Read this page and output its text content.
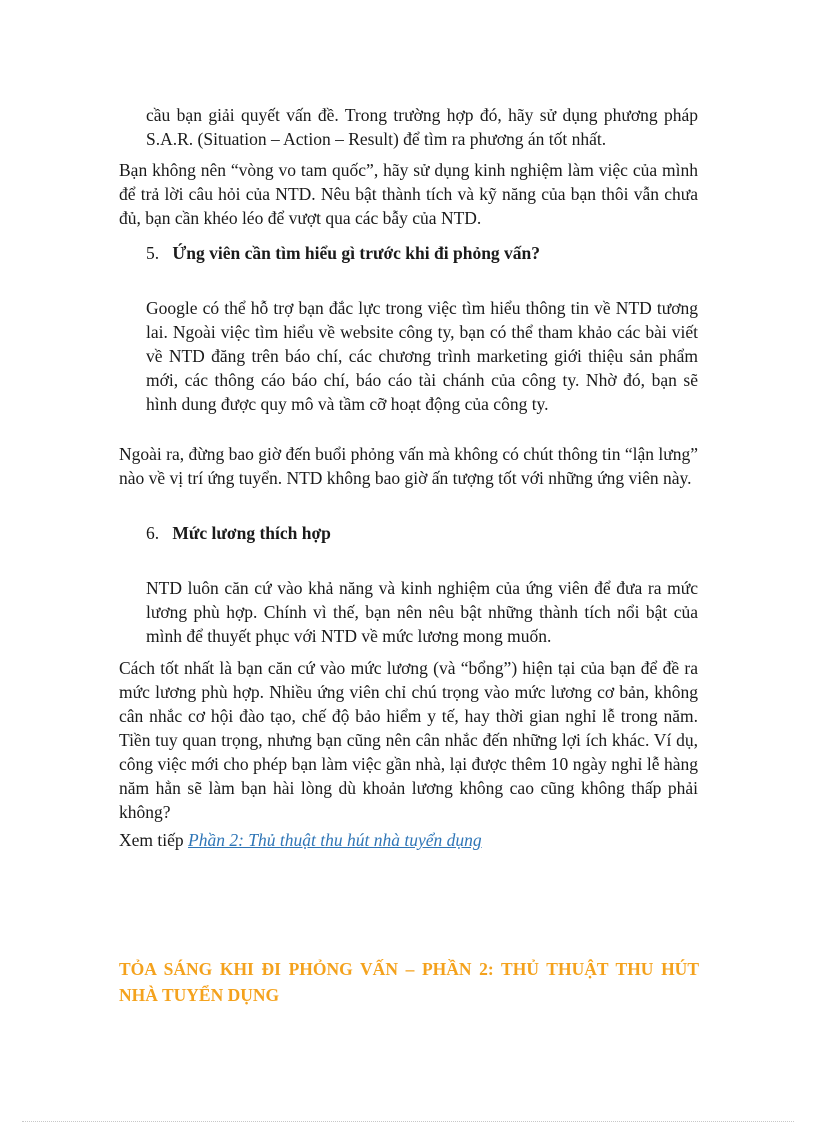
cầu bạn giải quyết vấn đề. Trong trường hợp đó, hãy sử dụng phương pháp S.A.R. (Situation – Action – Result) để tìm ra phương án tốt nhất.

Bạn không nên “vòng vo tam quốc”, hãy sử dụng kinh nghiệm làm việc của mình để trả lời câu hỏi của NTD. Nêu bật thành tích và kỹ năng của bạn thôi vẫn chưa đủ, bạn cần khéo léo để vượt qua các bẫy của NTD.

5. Ứng viên cần tìm hiểu gì trước khi đi phỏng vấn?

Google có thể hỗ trợ bạn đắc lực trong việc tìm hiểu thông tin về NTD tương lai. Ngoài việc tìm hiểu về website công ty, bạn có thể tham khảo các bài viết về NTD đăng trên báo chí, các chương trình marketing giới thiệu sản phẩm mới, các thông cáo báo chí, báo cáo tài chánh của công ty. Nhờ đó, bạn sẽ hình dung được quy mô và tầm cỡ hoạt động của công ty.

Ngoài ra, đừng bao giờ đến buổi phỏng vấn mà không có chút thông tin “lận lưng” nào về vị trí ứng tuyển. NTD không bao giờ ấn tượng tốt với những ứng viên này.

6. Mức lương thích hợp

NTD luôn căn cứ vào khả năng và kinh nghiệm của ứng viên để đưa ra mức lương phù hợp. Chính vì thế, bạn nên nêu bật những thành tích nổi bật của mình để thuyết phục với NTD về mức lương mong muốn.

Cách tốt nhất là bạn căn cứ vào mức lương (và “bổng”) hiện tại của bạn để đề ra mức lương phù hợp. Nhiều ứng viên chỉ chú trọng vào mức lương cơ bản, không cân nhắc cơ hội đào tạo, chế độ bảo hiểm y tế, hay thời gian nghỉ lễ trong năm. Tiền tuy quan trọng, nhưng bạn cũng nên cân nhắc đến những lợi ích khác. Ví dụ, công việc mới cho phép bạn làm việc gần nhà, lại được thêm 10 ngày nghỉ lễ hàng năm hẳn sẽ làm bạn hài lòng dù khoản lương không cao cũng không thấp phải không?

Xem tiếp Phần 2: Thủ thuật thu hút nhà tuyển dụng
TỎA SÁNG KHI ĐI PHỎNG VẤN – PHẦN 2: THỦ THUẬT THU HÚT NHÀ TUYỂN DỤNG
